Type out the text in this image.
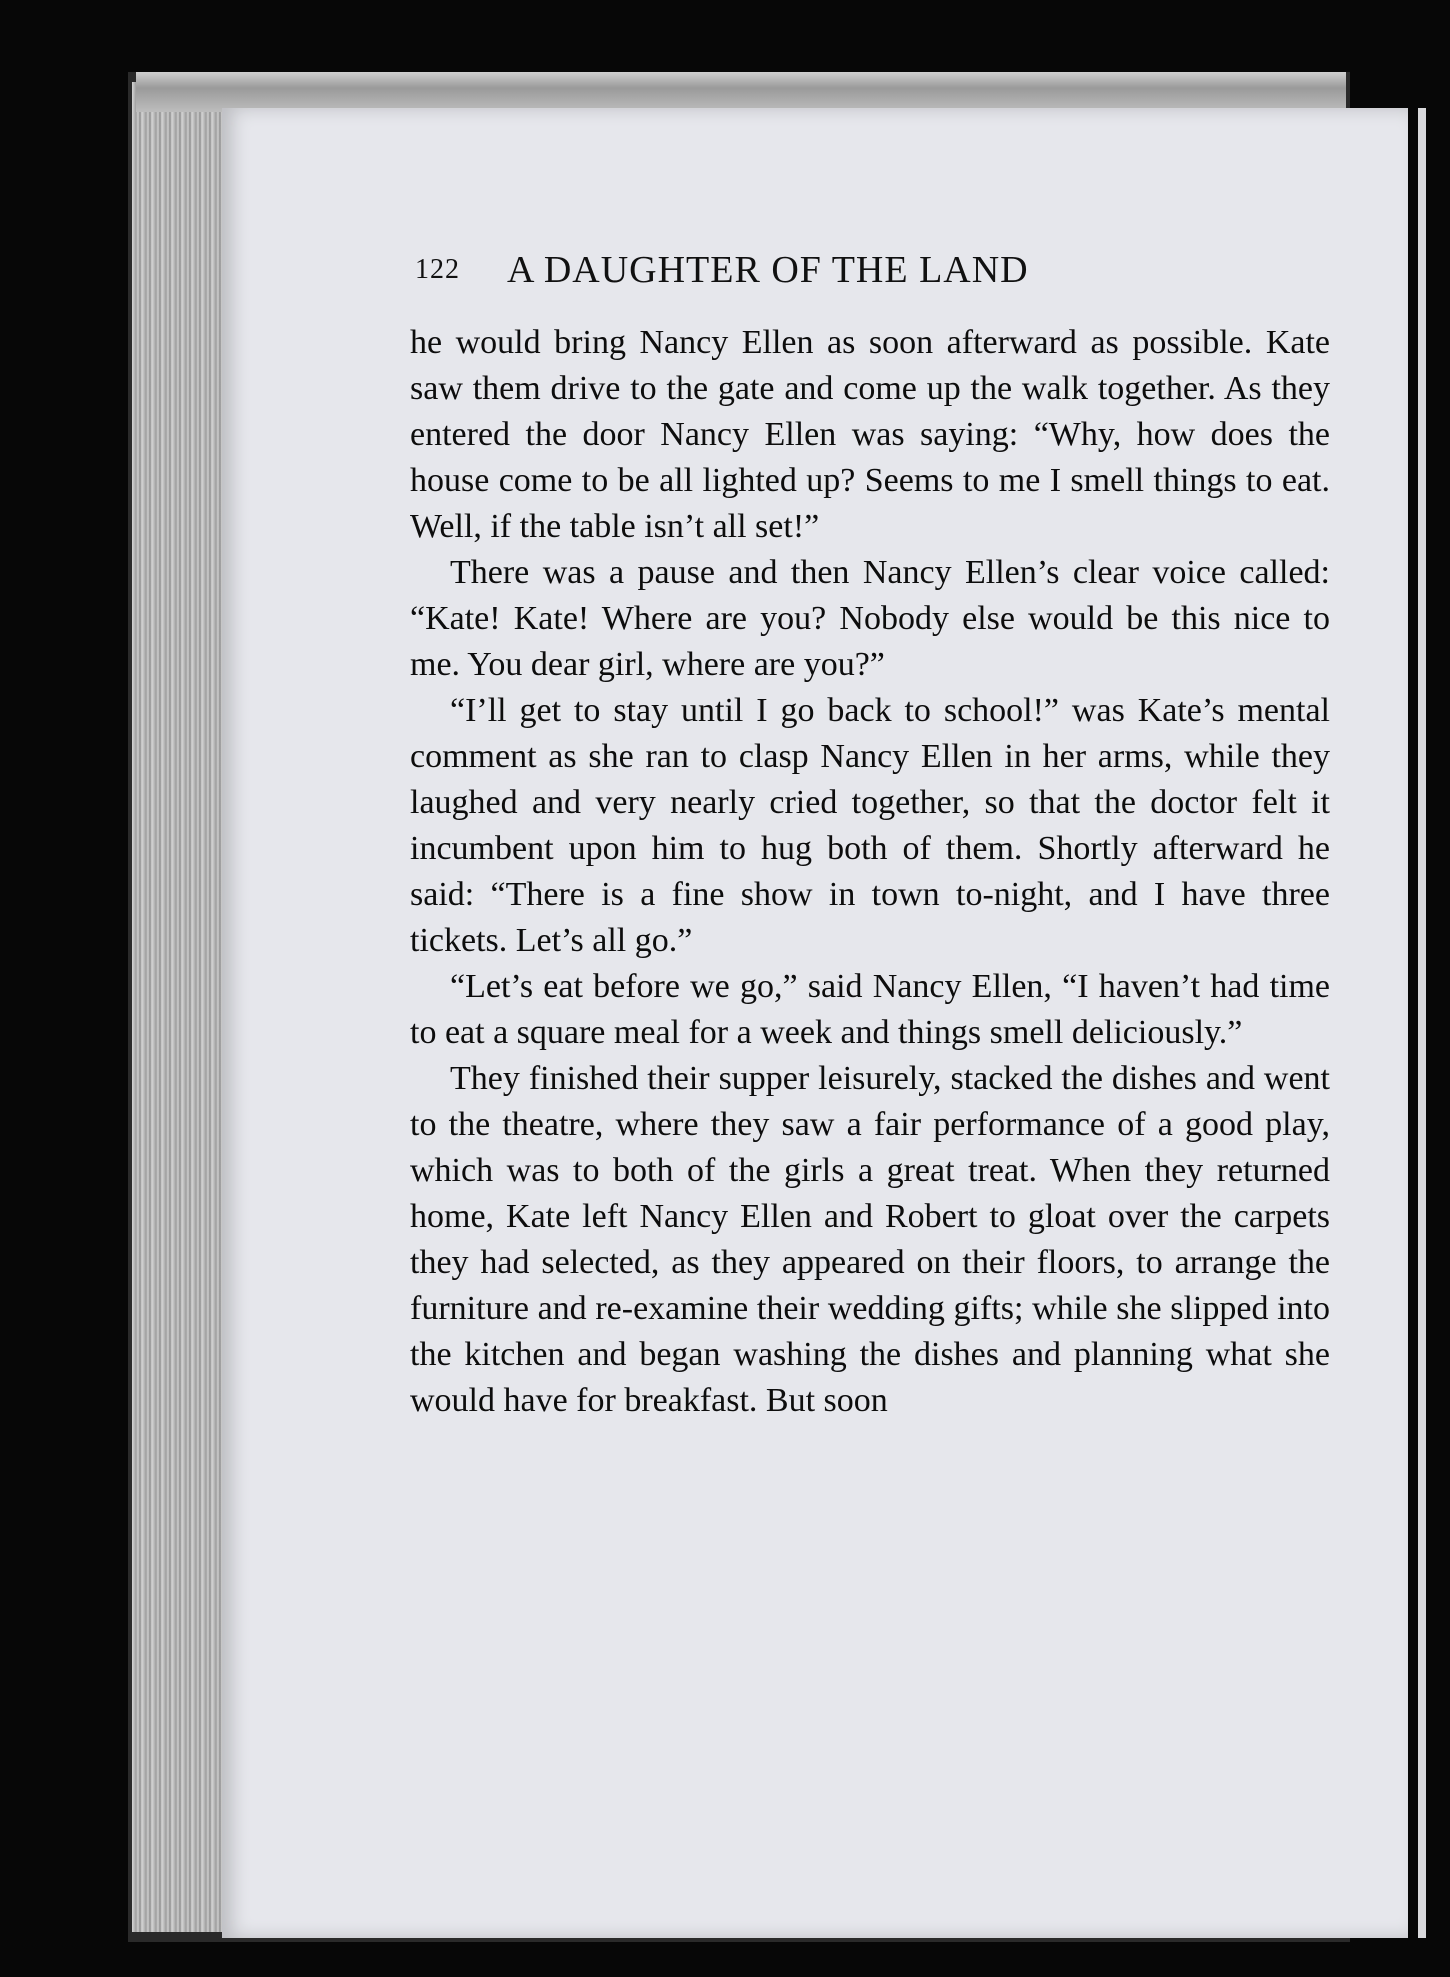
122 A DAUGHTER OF THE LAND

he would bring Nancy Ellen as soon afterward as possible. Kate saw them drive to the gate and come up the walk together. As they entered the door Nancy Ellen was saying: “Why, how does the house come to be all lighted up? Seems to me I smell things to eat. Well, if the table isn’t all set!”

There was a pause and then Nancy Ellen’s clear voice called: “Kate! Kate! Where are you? Nobody else would be this nice to me. You dear girl, where are you?”

“I’ll get to stay until I go back to school!” was Kate’s mental comment as she ran to clasp Nancy Ellen in her arms, while they laughed and very nearly cried together, so that the doctor felt it incumbent upon him to hug both of them. Shortly afterward he said: “There is a fine show in town to-night, and I have three tickets. Let’s all go.”

“Let’s eat before we go,” said Nancy Ellen, “I haven’t had time to eat a square meal for a week and things smell deliciously.”

They finished their supper leisurely, stacked the dishes and went to the theatre, where they saw a fair performance of a good play, which was to both of the girls a great treat. When they returned home, Kate left Nancy Ellen and Robert to gloat over the carpets they had selected, as they appeared on their floors, to arrange the furniture and re-examine their wedding gifts; while she slipped into the kitchen and began washing the dishes and planning what she would have for breakfast. But soon
